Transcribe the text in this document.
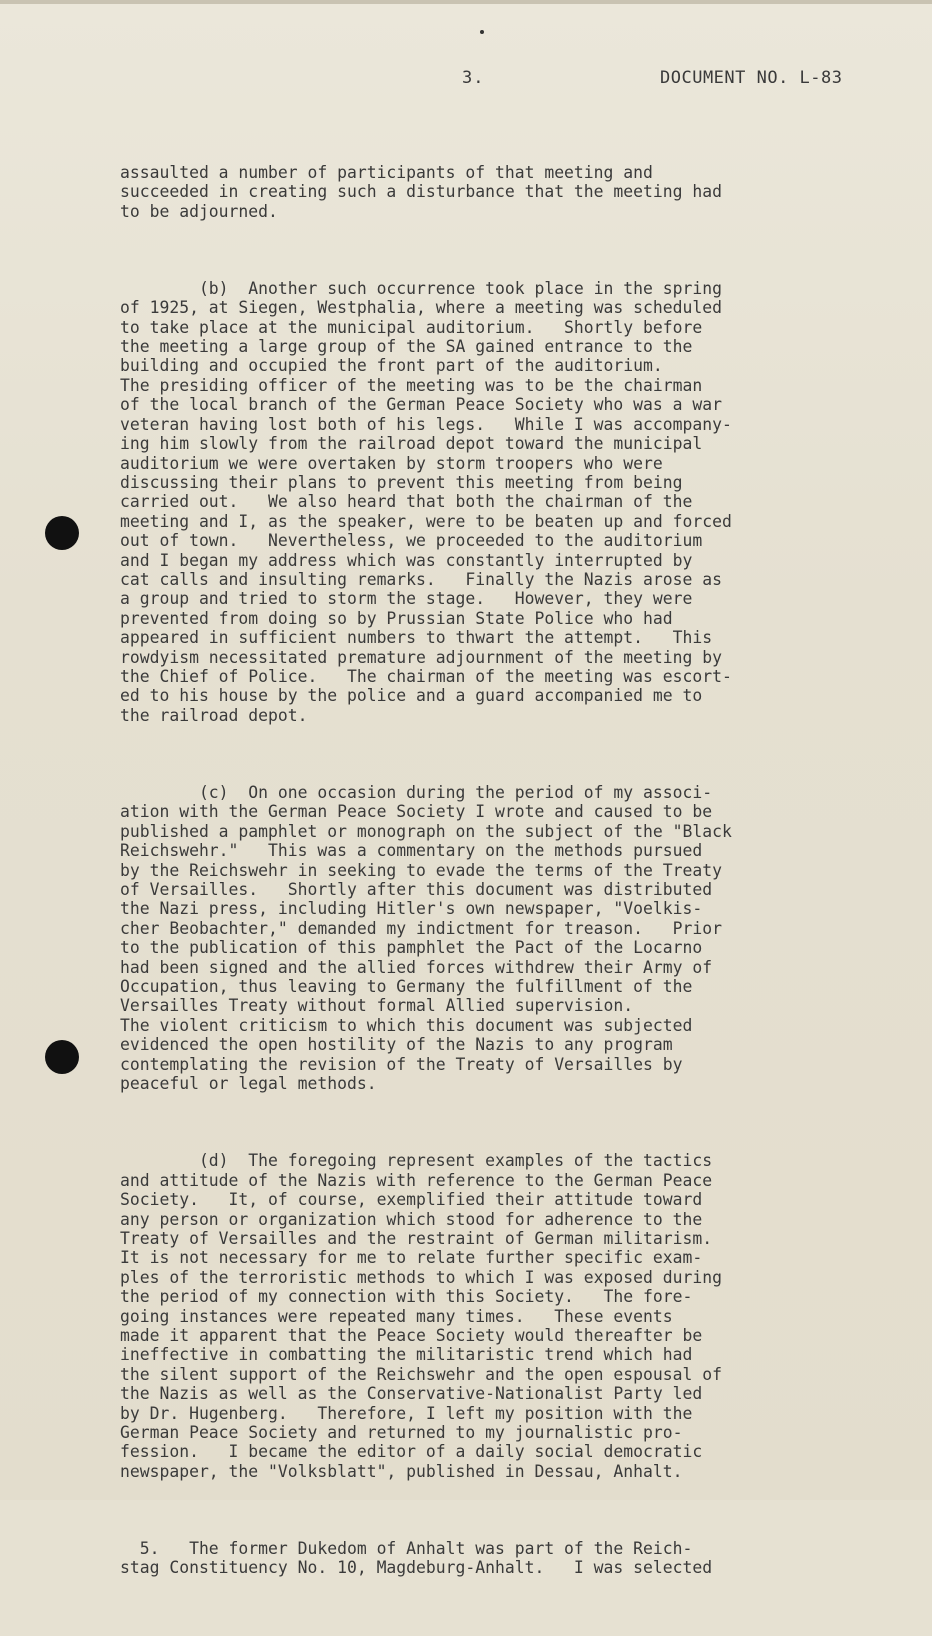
3.	DOCUMENT NO. L-83

assaulted a number of participants of that meeting and
succeeded in creating such a disturbance that the meeting had
to be adjourned.

(b)  Another such occurrence took place in the spring
of 1925, at Siegen, Westphalia, where a meeting was scheduled
to take place at the municipal auditorium.   Shortly before
the meeting a large group of the SA gained entrance to the
building and occupied the front part of the auditorium.
The presiding officer of the meeting was to be the chairman
of the local branch of the German Peace Society who was a war
veteran having lost both of his legs.   While I was accompany-
ing him slowly from the railroad depot toward the municipal
auditorium we were overtaken by storm troopers who were
discussing their plans to prevent this meeting from being
carried out.   We also heard that both the chairman of the
meeting and I, as the speaker, were to be beaten up and forced
out of town.   Nevertheless, we proceeded to the auditorium
and I began my address which was constantly interrupted by
cat calls and insulting remarks.   Finally the Nazis arose as
a group and tried to storm the stage.   However, they were
prevented from doing so by Prussian State Police who had
appeared in sufficient numbers to thwart the attempt.   This
rowdyism necessitated premature adjournment of the meeting by
the Chief of Police.   The chairman of the meeting was escort-
ed to his house by the police and a guard accompanied me to
the railroad depot.

(c)  On one occasion during the period of my associ-
ation with the German Peace Society I wrote and caused to be
published a pamphlet or monograph on the subject of the "Black
Reichswehr."   This was a commentary on the methods pursued
by the Reichswehr in seeking to evade the terms of the Treaty
of Versailles.   Shortly after this document was distributed
the Nazi press, including Hitler's own newspaper, "Voelkis-
cher Beobachter," demanded my indictment for treason.   Prior
to the publication of this pamphlet the Pact of the Locarno
had been signed and the allied forces withdrew their Army of
Occupation, thus leaving to Germany the fulfillment of the
Versailles Treaty without formal Allied supervision.
The violent criticism to which this document was subjected
evidenced the open hostility of the Nazis to any program
contemplating the revision of the Treaty of Versailles by
peaceful or legal methods.

(d)  The foregoing represent examples of the tactics
and attitude of the Nazis with reference to the German Peace
Society.   It, of course, exemplified their attitude toward
any person or organization which stood for adherence to the
Treaty of Versailles and the restraint of German militarism.
It is not necessary for me to relate further specific exam-
ples of the terroristic methods to which I was exposed during
the period of my connection with this Society.   The fore-
going instances were repeated many times.   These events
made it apparent that the Peace Society would thereafter be
ineffective in combatting the militaristic trend which had
the silent support of the Reichswehr and the open espousal of
the Nazis as well as the Conservative-Nationalist Party led
by Dr. Hugenberg.   Therefore, I left my position with the
German Peace Society and returned to my journalistic pro-
fession.   I became the editor of a daily social democratic
newspaper, the "Volksblatt", published in Dessau, Anhalt.

5.   The former Dukedom of Anhalt was part of the Reich-
stag Constituency No. 10, Magdeburg-Anhalt.   I was selected
